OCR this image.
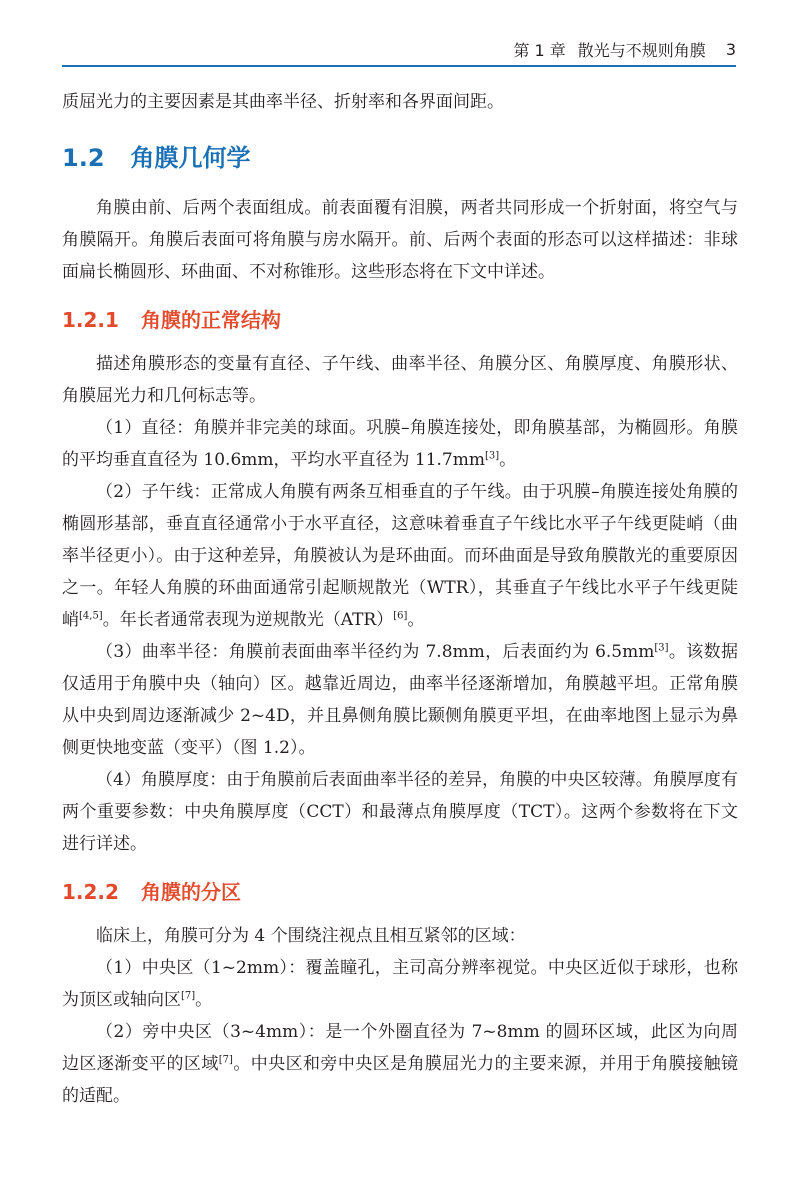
第 1 章 散光与不规则角膜 3

质屈光力的主要因素是其曲率半径、折射率和各界面间距。

1.2 角膜几何学

角膜由前、后两个表面组成。前表面覆有泪膜，两者共同形成一个折射面，将空气与角膜隔开。角膜后表面可将角膜与房水隔开。前、后两个表面的形态可以这样描述：非球面扁长椭圆形、环曲面、不对称锥形。这些形态将在下文中详述。

1.2.1 角膜的正常结构

描述角膜形态的变量有直径、子午线、曲率半径、角膜分区、角膜厚度、角膜形状、角膜屈光力和几何标志等。

（1）直径：角膜并非完美的球面。巩膜–角膜连接处，即角膜基部，为椭圆形。角膜的平均垂直直径为 10.6mm，平均水平直径为 11.7mm[3]。

（2）子午线：正常成人角膜有两条互相垂直的子午线。由于巩膜–角膜连接处角膜的椭圆形基部，垂直直径通常小于水平直径，这意味着垂直子午线比水平子午线更陡峭（曲率半径更小）。由于这种差异，角膜被认为是环曲面。而环曲面是导致角膜散光的重要原因之一。年轻人角膜的环曲面通常引起顺规散光（WTR），其垂直子午线比水平子午线更陡峭[4,5]。年长者通常表现为逆规散光（ATR）[6]。

（3）曲率半径：角膜前表面曲率半径约为 7.8mm，后表面约为 6.5mm[3]。该数据仅适用于角膜中央（轴向）区。越靠近周边，曲率半径逐渐增加，角膜越平坦。正常角膜从中央到周边逐渐减少 2~4D，并且鼻侧角膜比颞侧角膜更平坦，在曲率地图上显示为鼻侧更快地变蓝（变平）（图 1.2）。

（4）角膜厚度：由于角膜前后表面曲率半径的差异，角膜的中央区较薄。角膜厚度有两个重要参数：中央角膜厚度（CCT）和最薄点角膜厚度（TCT）。这两个参数将在下文进行详述。

1.2.2 角膜的分区

临床上，角膜可分为 4 个围绕注视点且相互紧邻的区域：

（1）中央区（1~2mm）：覆盖瞳孔，主司高分辨率视觉。中央区近似于球形，也称为顶区或轴向区[7]。

（2）旁中央区（3~4mm）：是一个外圈直径为 7~8mm 的圆环区域，此区为向周边区逐渐变平的区域[7]。中央区和旁中央区是角膜屈光力的主要来源，并用于角膜接触镜的适配。
